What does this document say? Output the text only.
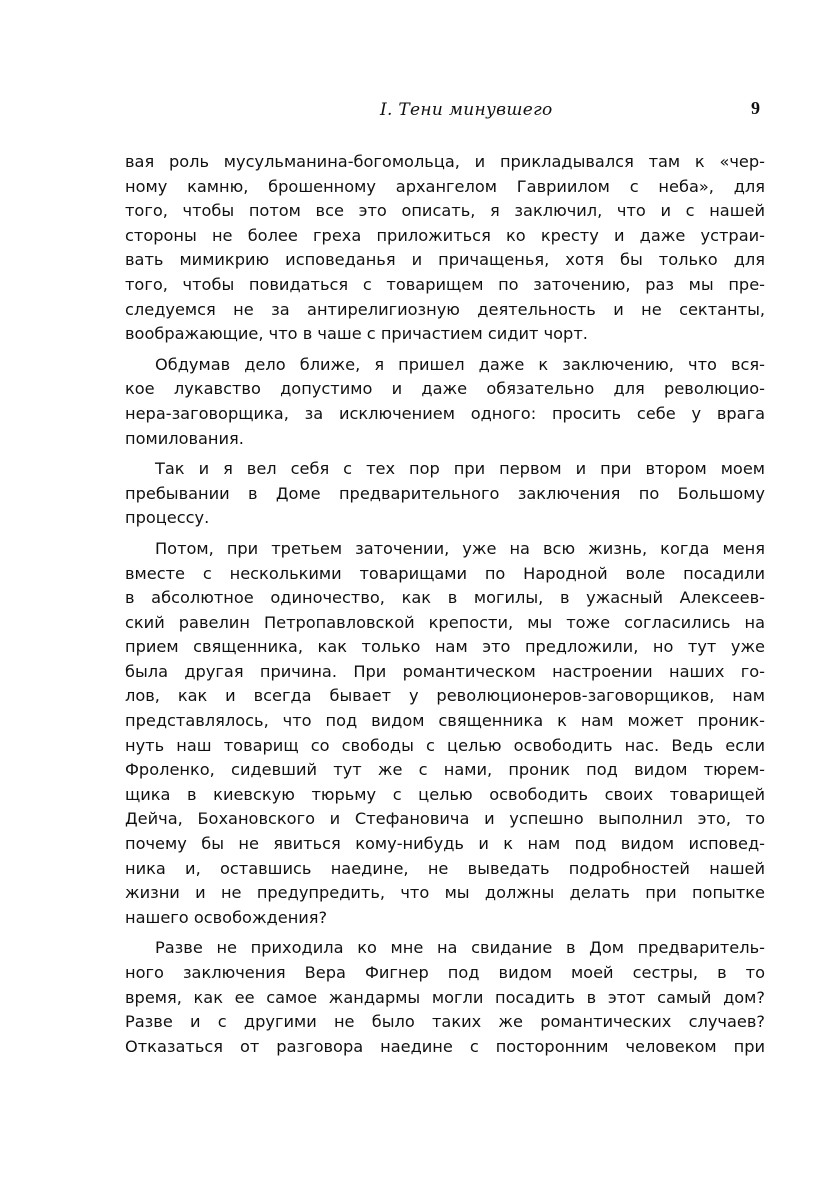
I. Тени минувшего	9
вая роль мусульманина-богомольца, и прикладывался там к «чер-
ному камню, брошенному архангелом Гавриилом с неба», для
того, чтобы потом все это описать, я заключил, что и с нашей
стороны не более греха приложиться ко кресту и даже устраи-
вать мимикрию исповеданья и причащенья, хотя бы только для
того, чтобы повидаться с товарищем по заточению, раз мы пре-
следуемся не за антирелигиозную деятельность и не сектанты,
воображающие, что в чаше с причастием сидит чорт.
Обдумав дело ближе, я пришел даже к заключению, что вся-
кое лукавство допустимо и даже обязательно для революцио-
нера-заговорщика, за исключением одного: просить себе у врага
помилования.
Так и я вел себя с тех пор при первом и при втором моем
пребывании в Доме предварительного заключения по Большому
процессу.
Потом, при третьем заточении, уже на всю жизнь, когда меня
вместе с несколькими товарищами по Народной воле посадили
в абсолютное одиночество, как в могилы, в ужасный Алексеев-
ский равелин Петропавловской крепости, мы тоже согласились на
прием священника, как только нам это предложили, но тут уже
была другая причина. При романтическом настроении наших го-
лов, как и всегда бывает у революционеров-заговорщиков, нам
представлялось, что под видом священника к нам может проник-
нуть наш товарищ со свободы с целью освободить нас. Ведь если
Фроленко, сидевший тут же с нами, проник под видом тюрем-
щика в киевскую тюрьму с целью освободить своих товарищей
Дейча, Бохановского и Стефановича и успешно выполнил это, то
почему бы не явиться кому-нибудь и к нам под видом исповед-
ника и, оставшись наедине, не выведать подробностей нашей
жизни и не предупредить, что мы должны делать при попытке
нашего освобождения?
Разве не приходила ко мне на свидание в Дом предваритель-
ного заключения Вера Фигнер под видом моей сестры, в то
время, как ее самое жандармы могли посадить в этот самый дом?
Разве и с другими не было таких же романтических случаев?
Отказаться от разговора наедине с посторонним человеком при
